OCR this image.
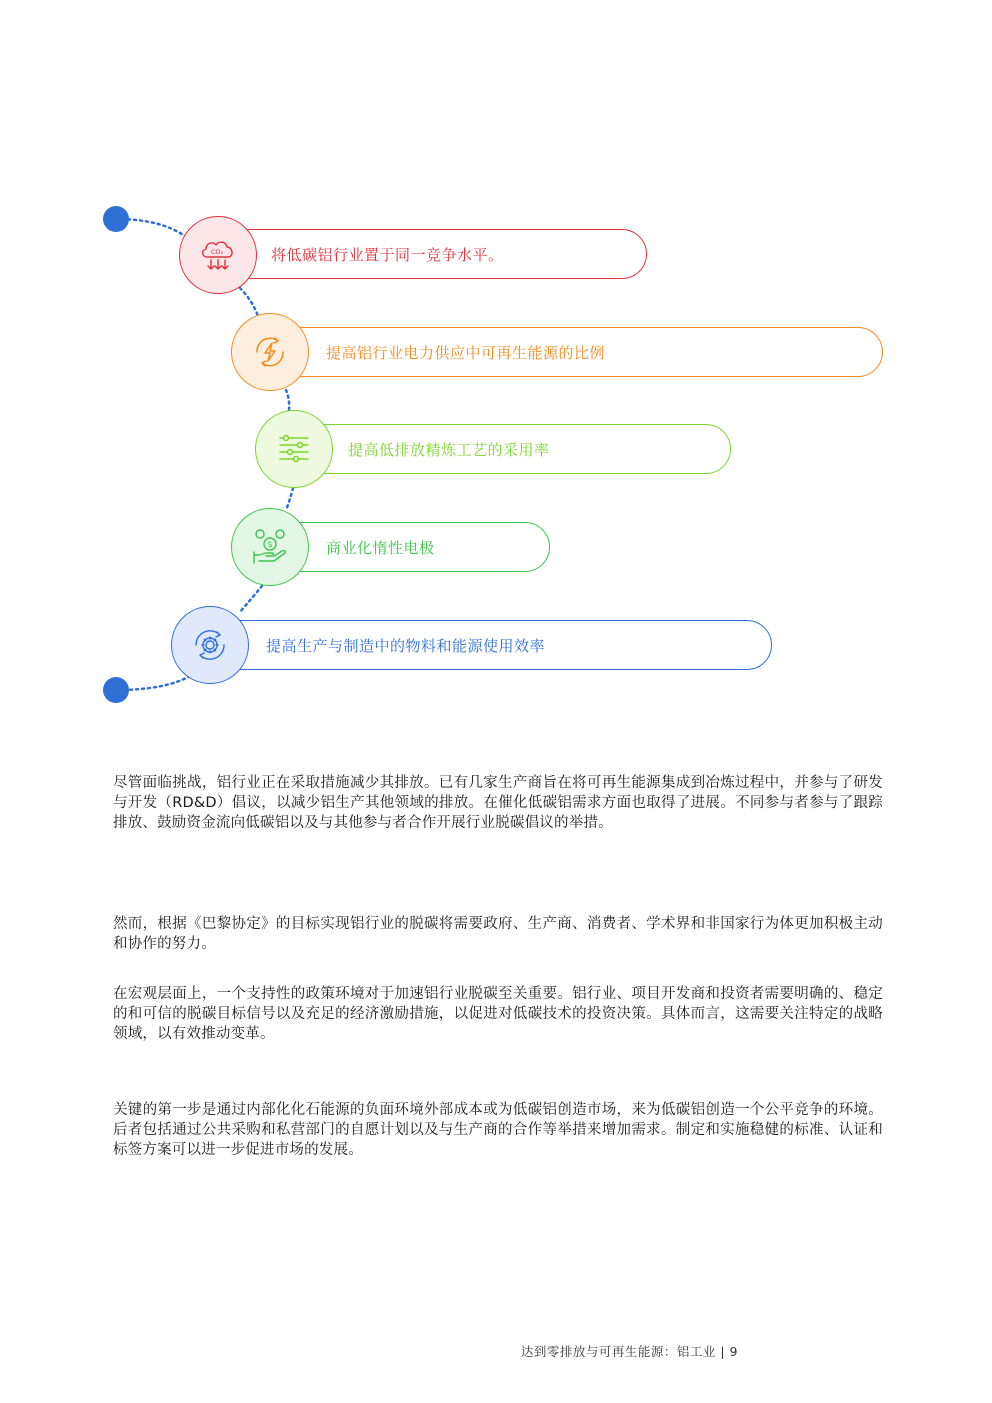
将低碳铝行业置于同一竞争水平。
CO₂
提高铝行业电力供应中可再生能源的比例
提高低排放精炼工艺的采用率
商业化惰性电极
$
提高生产与制造中的物料和能源使用效率

尽管面临挑战，铝行业正在采取措施减少其排放。已有几家生产商旨在将可再生能源集成到冶炼过程中，并参与了研发与开发（RD&D）倡议，以减少铝生产其他领域的排放。在催化低碳铝需求方面也取得了进展。不同参与者参与了跟踪排放、鼓励资金流向低碳铝以及与其他参与者合作开展行业脱碳倡议的举措。

然而，根据《巴黎协定》的目标实现铝行业的脱碳将需要政府、生产商、消费者、学术界和非国家行为体更加积极主动和协作的努力。

在宏观层面上，一个支持性的政策环境对于加速铝行业脱碳至关重要。铝行业、项目开发商和投资者需要明确的、稳定的和可信的脱碳目标信号以及充足的经济激励措施，以促进对低碳技术的投资决策。具体而言，这需要关注特定的战略领域，以有效推动变革。

关键的第一步是通过内部化化石能源的负面环境外部成本或为低碳铝创造市场，来为低碳铝创造一个公平竞争的环境。后者包括通过公共采购和私营部门的自愿计划以及与生产商的合作等举措来增加需求。制定和实施稳健的标准、认证和标签方案可以进一步促进市场的发展。

达到零排放与可再生能源：铝工业 | 9
